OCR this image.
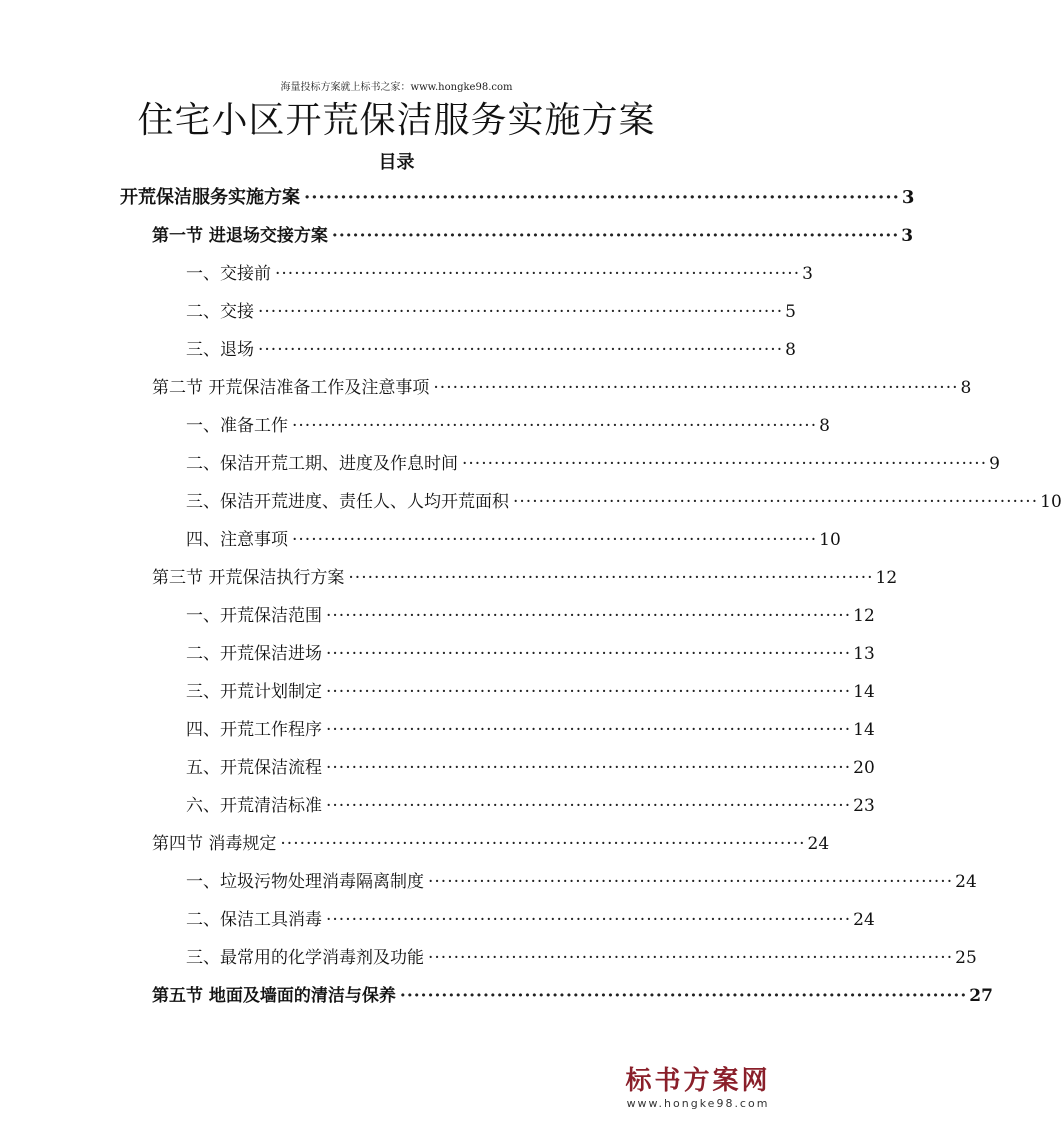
海量投标方案就上标书之家：www.hongke98.com
住宅小区开荒保洁服务实施方案
目录
开荒保洁服务实施方案 ·················································································· 3
第一节 进退场交接方案 ·················································································· 3
一、交接前 ·················································································· 3
二、交接 ·················································································· 5
三、退场 ·················································································· 8
第二节 开荒保洁准备工作及注意事项 ·················································································· 8
一、准备工作 ·················································································· 8
二、保洁开荒工期、进度及作息时间 ·················································································· 9
三、保洁开荒进度、责任人、人均开荒面积 ·················································································· 10
四、注意事项 ·················································································· 10
第三节 开荒保洁执行方案 ·················································································· 12
一、开荒保洁范围 ·················································································· 12
二、开荒保洁进场 ·················································································· 13
三、开荒计划制定 ·················································································· 14
四、开荒工作程序 ·················································································· 14
五、开荒保洁流程 ·················································································· 20
六、开荒清洁标准 ·················································································· 23
第四节 消毒规定 ·················································································· 24
一、垃圾污物处理消毒隔离制度 ·················································································· 24
二、保洁工具消毒 ·················································································· 24
三、最常用的化学消毒剂及功能 ·················································································· 25
第五节 地面及墙面的清洁与保养 ·················································································· 27
标书方案网
www.hongke98.com
